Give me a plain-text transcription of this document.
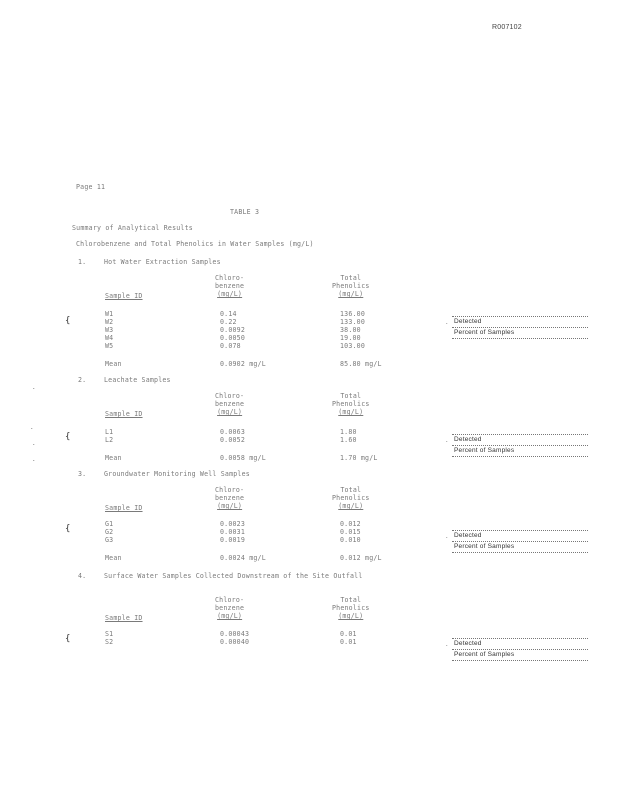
R007102
Page 11
TABLE 3
Summary of Analytical Results
Chlorobenzene and Total Phenolics in Water Samples (mg/L)
1.	Hot Water Extraction Samples
Sample ID
Chloro-
benzene
(mg/L)
Total
Phenolics
(mg/L)
W1	0.14	136.00
W2	0.22	133.00
W3	0.0092	38.00
W4	0.0050	19.00
W5	0.078	103.00
Mean	0.0902 mg/L	85.80 mg/L
{	. Detected
Percent of Samples
2.	Leachate Samples
Sample ID
Chloro-
benzene
(mg/L)
Total
Phenolics
(mg/L)
L1	0.0063	1.80
L2	0.0052	1.60
Mean	0.0058 mg/L	1.70 mg/L
{	. Detected
Percent of Samples
3.	Groundwater Monitoring Well Samples
Sample ID
Chloro-
benzene
(mg/L)
Total
Phenolics
(mg/L)
G1	0.0023	0.012
G2	0.0031	0.015
G3	0.0019	0.010
Mean	0.0024 mg/L	0.012 mg/L
{
. Detected
Percent of Samples
4.	Surface Water Samples Collected Downstream of the Site Outfall
Sample ID
Chloro-
benzene
(mg/L)
Total
Phenolics
(mg/L)
S1	0.00043	0.01
S2	0.00040	0.01
{
. Detected
Percent of Samples
.
.
.
.
